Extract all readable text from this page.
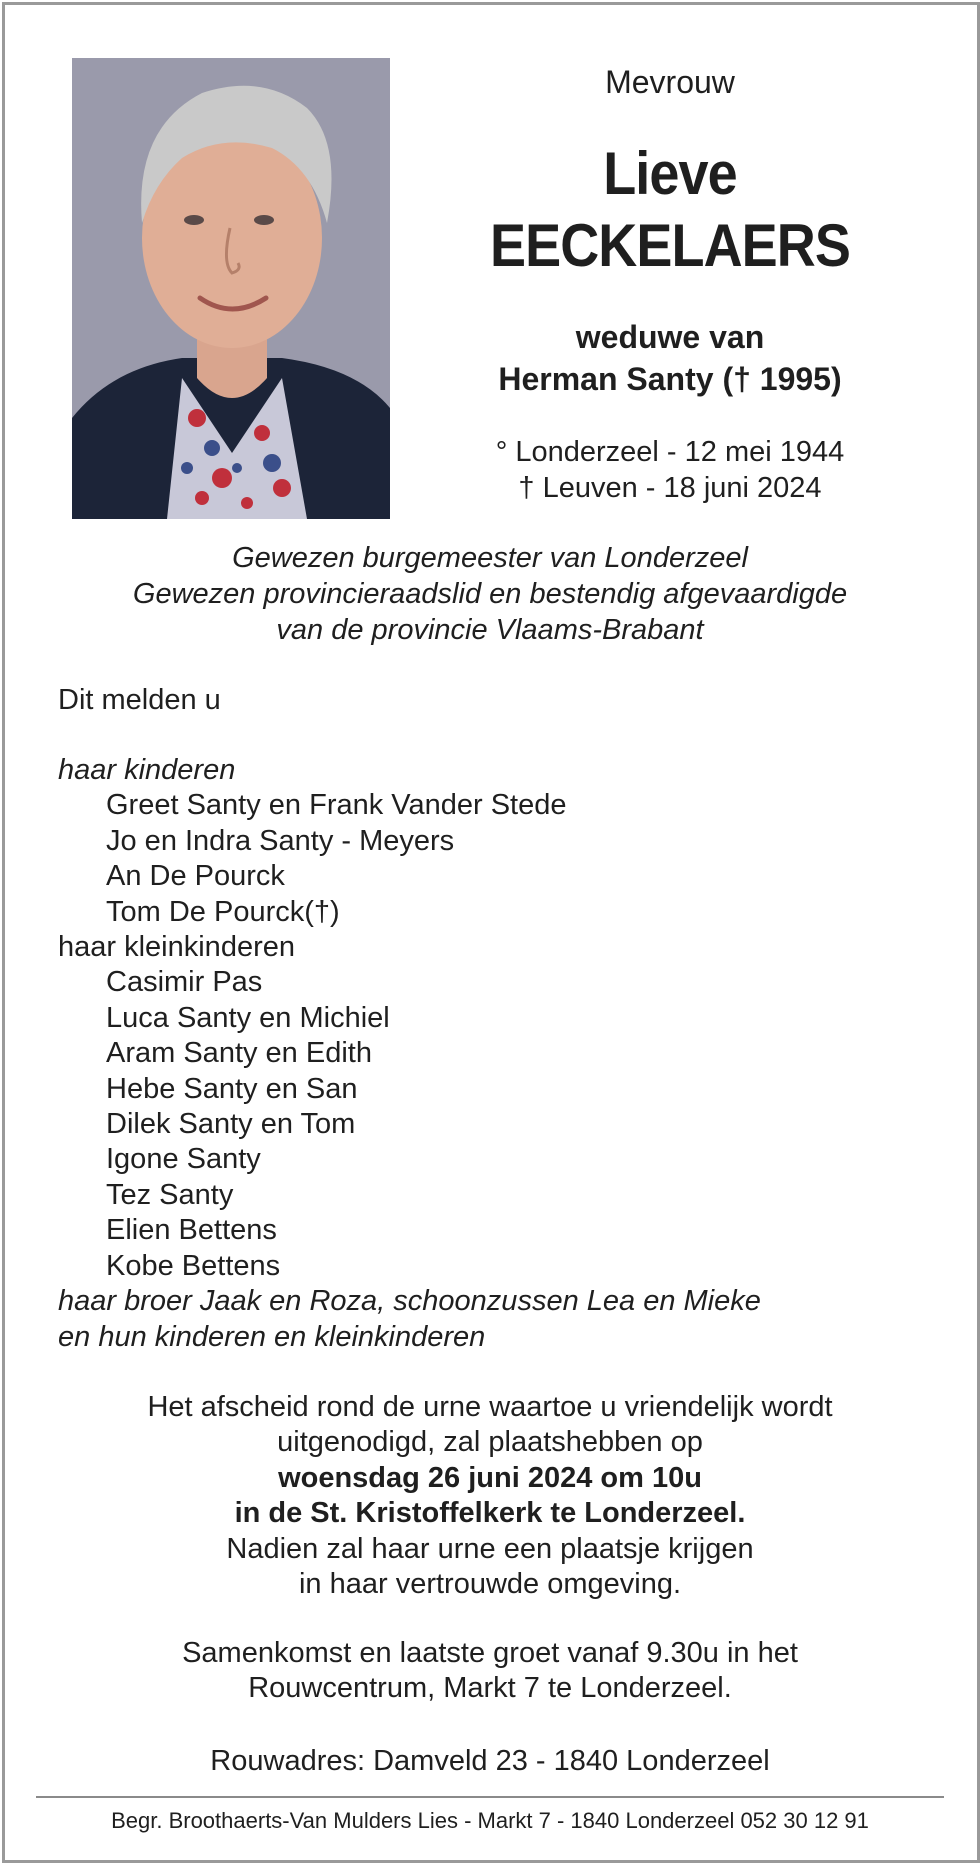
Mevrouw
Lieve
EECKELAERS
weduwe van
Herman Santy († 1995)
° Londerzeel - 12 mei 1944
† Leuven - 18 juni 2024
Gewezen burgemeester van Londerzeel
Gewezen provincieraadslid en bestendig afgevaardigde
van de provincie Vlaams-Brabant
Dit melden u
haar kinderen
Greet Santy en Frank Vander Stede
Jo en Indra Santy - Meyers
An De Pourck
Tom De Pourck(†)
haar kleinkinderen
Casimir Pas
Luca Santy en Michiel
Aram Santy en Edith
Hebe Santy en San
Dilek Santy en Tom
Igone Santy
Tez Santy
Elien Bettens
Kobe Bettens
haar broer Jaak en Roza, schoonzussen Lea en Mieke
en hun kinderen en kleinkinderen
Het afscheid rond de urne waartoe u vriendelijk wordt
uitgenodigd, zal plaatshebben op
woensdag 26 juni 2024 om 10u
in de St. Kristoffelkerk te Londerzeel.
Nadien zal haar urne een plaatsje krijgen
in haar vertrouwde omgeving.
Samenkomst en laatste groet vanaf 9.30u in het
Rouwcentrum, Markt 7 te Londerzeel.
Rouwadres: Damveld 23 - 1840 Londerzeel
Begr. Broothaerts-Van Mulders Lies - Markt 7 - 1840 Londerzeel 052 30 12 91
